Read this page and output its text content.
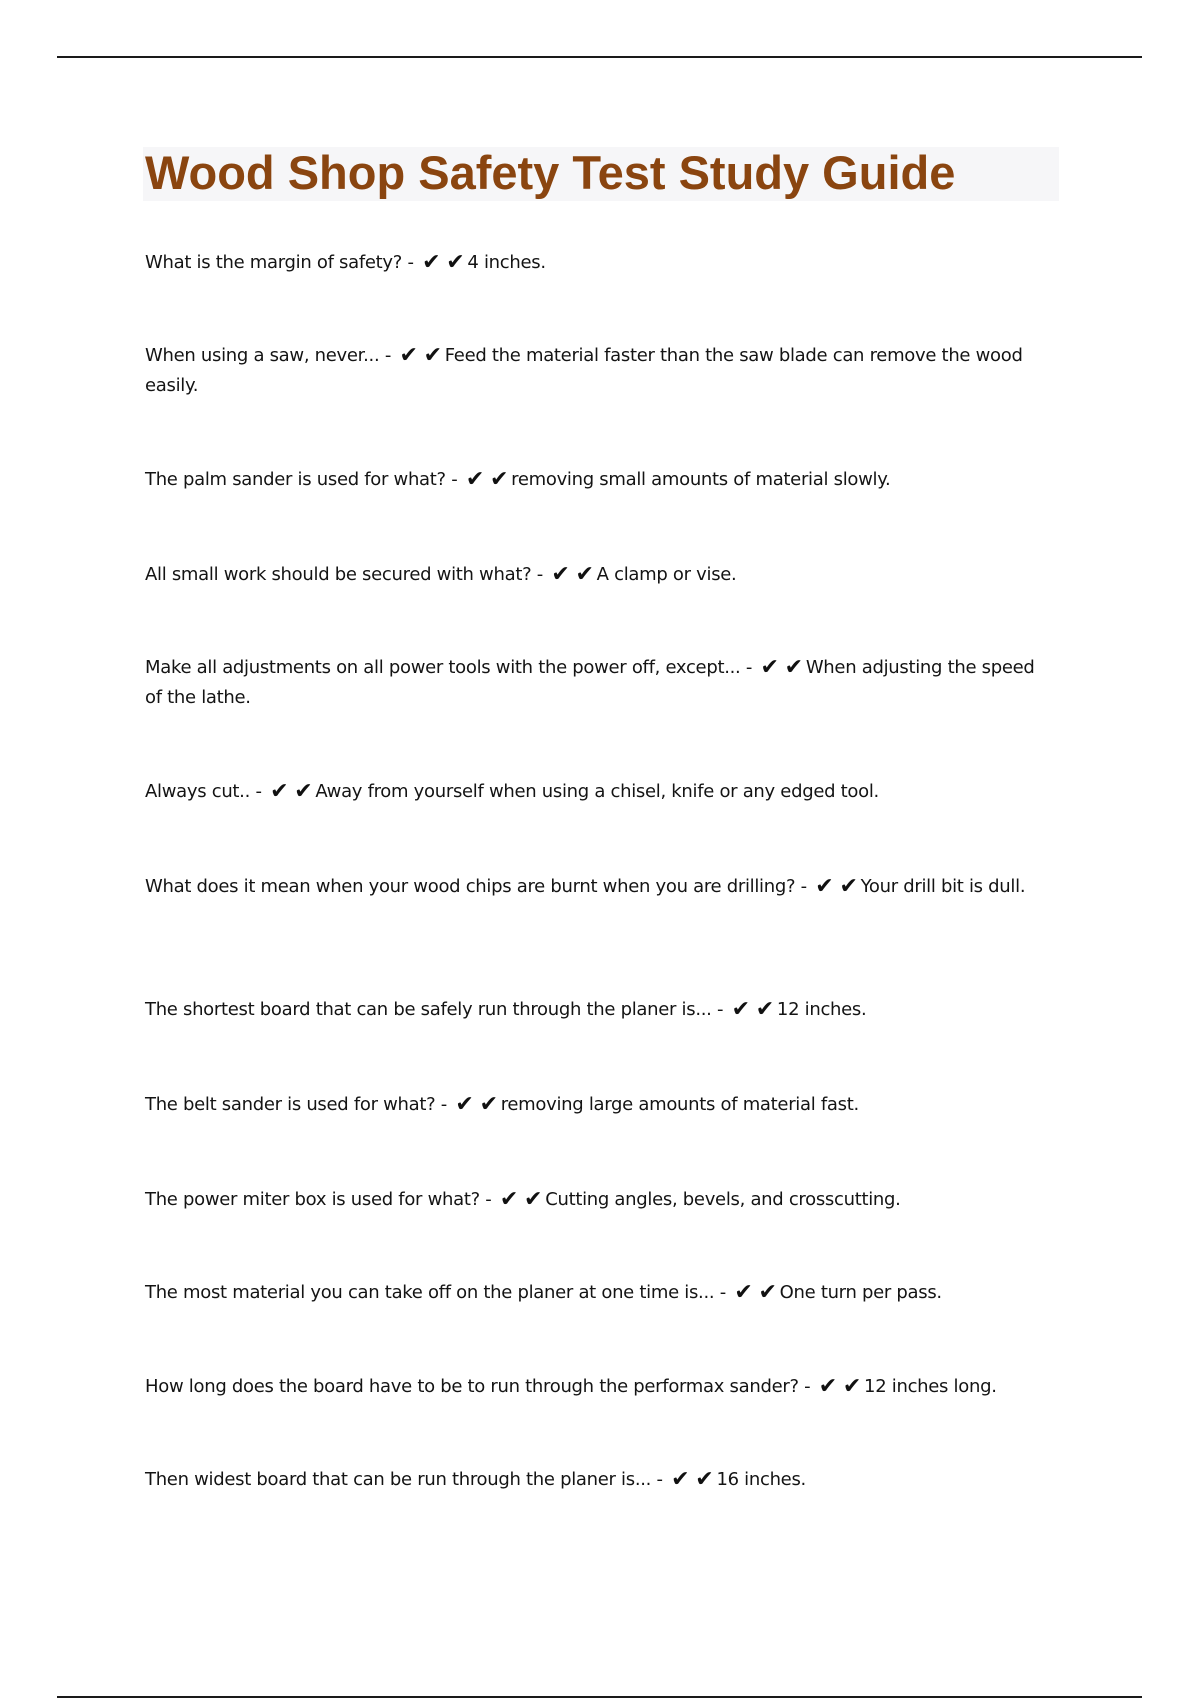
Wood Shop Safety Test Study Guide

What is the margin of safety? - ✔ ✔ 4 inches.

When using a saw, never... - ✔ ✔ Feed the material faster than the saw blade can remove the wood easily.

The palm sander is used for what? - ✔ ✔ removing small amounts of material slowly.

All small work should be secured with what? - ✔ ✔ A clamp or vise.

Make all adjustments on all power tools with the power off, except... - ✔ ✔ When adjusting the speed of the lathe.

Always cut.. - ✔ ✔ Away from yourself when using a chisel, knife or any edged tool.

What does it mean when your wood chips are burnt when you are drilling? - ✔ ✔ Your drill bit is dull.

The shortest board that can be safely run through the planer is... - ✔ ✔ 12 inches.

The belt sander is used for what? - ✔ ✔ removing large amounts of material fast.

The power miter box is used for what? - ✔ ✔ Cutting angles, bevels, and crosscutting.

The most material you can take off on the planer at one time is... - ✔ ✔ One turn per pass.

How long does the board have to be to run through the performax sander? - ✔ ✔ 12 inches long.

Then widest board that can be run through the planer is... - ✔ ✔ 16 inches.
